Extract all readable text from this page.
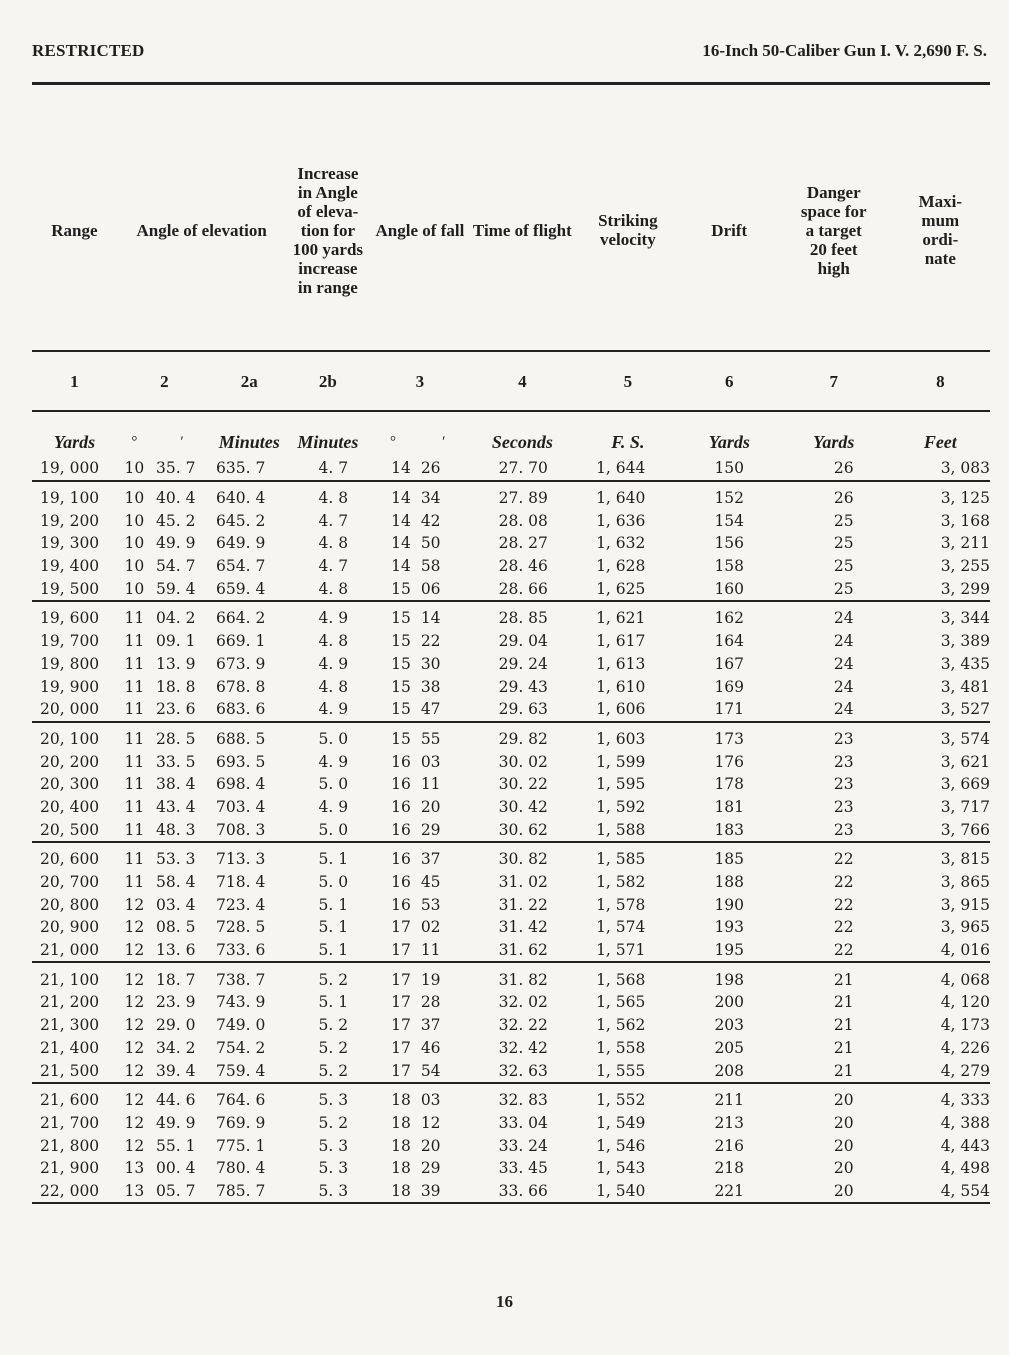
RESTRICTED	16-Inch 50-Caliber Gun I. V. 2,690 F. S.
Range	Angle of elevation			Increase in Angle of eleva- tion for 100 yards increase in range	Angle of fall		Time of flight	Striking velocity	Drift	Danger space for a target 20 feet high	Maxi- mum ordi- nate
1	2		2a	2b	3		4	5	6	7	8
Yards	°	′	Minutes	Minutes	°	′	Seconds	F. S.	Yards	Yards	Feet
19, 000	10	35. 7	635. 7	4. 7	14	26	27. 70	1, 644	150	26	3, 083
19, 100	10	40. 4	640. 4	4. 8	14	34	27. 89	1, 640	152	26	3, 125
19, 200	10	45. 2	645. 2	4. 7	14	42	28. 08	1, 636	154	25	3, 168
19, 300	10	49. 9	649. 9	4. 8	14	50	28. 27	1, 632	156	25	3, 211
19, 400	10	54. 7	654. 7	4. 7	14	58	28. 46	1, 628	158	25	3, 255
19, 500	10	59. 4	659. 4	4. 8	15	06	28. 66	1, 625	160	25	3, 299
19, 600	11	04. 2	664. 2	4. 9	15	14	28. 85	1, 621	162	24	3, 344
19, 700	11	09. 1	669. 1	4. 8	15	22	29. 04	1, 617	164	24	3, 389
19, 800	11	13. 9	673. 9	4. 9	15	30	29. 24	1, 613	167	24	3, 435
19, 900	11	18. 8	678. 8	4. 8	15	38	29. 43	1, 610	169	24	3, 481
20, 000	11	23. 6	683. 6	4. 9	15	47	29. 63	1, 606	171	24	3, 527
20, 100	11	28. 5	688. 5	5. 0	15	55	29. 82	1, 603	173	23	3, 574
20, 200	11	33. 5	693. 5	4. 9	16	03	30. 02	1, 599	176	23	3, 621
20, 300	11	38. 4	698. 4	5. 0	16	11	30. 22	1, 595	178	23	3, 669
20, 400	11	43. 4	703. 4	4. 9	16	20	30. 42	1, 592	181	23	3, 717
20, 500	11	48. 3	708. 3	5. 0	16	29	30. 62	1, 588	183	23	3, 766
20, 600	11	53. 3	713. 3	5. 1	16	37	30. 82	1, 585	185	22	3, 815
20, 700	11	58. 4	718. 4	5. 0	16	45	31. 02	1, 582	188	22	3, 865
20, 800	12	03. 4	723. 4	5. 1	16	53	31. 22	1, 578	190	22	3, 915
20, 900	12	08. 5	728. 5	5. 1	17	02	31. 42	1, 574	193	22	3, 965
21, 000	12	13. 6	733. 6	5. 1	17	11	31. 62	1, 571	195	22	4, 016
21, 100	12	18. 7	738. 7	5. 2	17	19	31. 82	1, 568	198	21	4, 068
21, 200	12	23. 9	743. 9	5. 1	17	28	32. 02	1, 565	200	21	4, 120
21, 300	12	29. 0	749. 0	5. 2	17	37	32. 22	1, 562	203	21	4, 173
21, 400	12	34. 2	754. 2	5. 2	17	46	32. 42	1, 558	205	21	4, 226
21, 500	12	39. 4	759. 4	5. 2	17	54	32. 63	1, 555	208	21	4, 279
21, 600	12	44. 6	764. 6	5. 3	18	03	32. 83	1, 552	211	20	4, 333
21, 700	12	49. 9	769. 9	5. 2	18	12	33. 04	1, 549	213	20	4, 388
21, 800	12	55. 1	775. 1	5. 3	18	20	33. 24	1, 546	216	20	4, 443
21, 900	13	00. 4	780. 4	5. 3	18	29	33. 45	1, 543	218	20	4, 498
22, 000	13	05. 7	785. 7	5. 3	18	39	33. 66	1, 540	221	20	4, 554
16
